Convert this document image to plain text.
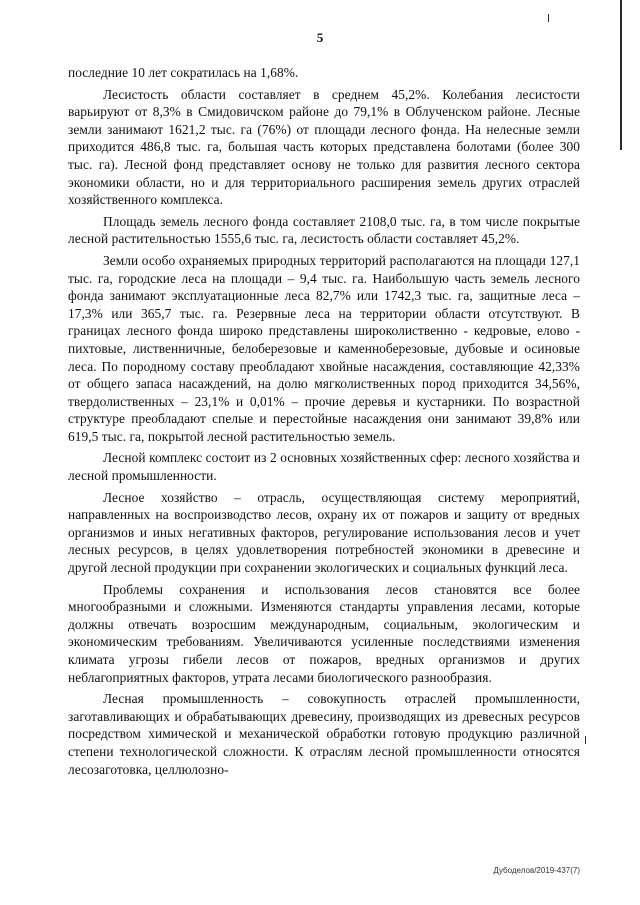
5

последние 10 лет сократилась на 1,68%.

Лесистость области составляет в среднем 45,2%. Колебания лесистости варьируют от 8,3% в Смидовичском районе до 79,1% в Облученском районе. Лесные земли занимают 1621,2 тыс. га (76%) от площади лесного фонда. На нелесные земли приходится 486,8 тыс. га, большая часть которых представлена болотами (более 300 тыс. га). Лесной фонд представляет основу не только для развития лесного сектора экономики области, но и для территориального расширения земель других отраслей хозяйственного комплекса.

Площадь земель лесного фонда составляет 2108,0 тыс. га, в том числе покрытые лесной растительностью 1555,6 тыс. га, лесистость области составляет 45,2%.

Земли особо охраняемых природных территорий располагаются на площади 127,1 тыс. га, городские леса на площади – 9,4 тыс. га. Наибольшую часть земель лесного фонда занимают эксплуатационные леса 82,7% или 1742,3 тыс. га, защитные леса – 17,3% или 365,7 тыс. га. Резервные леса на территории области отсутствуют. В границах лесного фонда широко представлены широколиственно - кедровые, елово - пихтовые, лиственничные, белоберезовые и каменноберезовые, дубовые и осиновые леса. По породному составу преобладают хвойные насаждения, составляющие 42,33% от общего запаса насаждений, на долю мягколиственных пород приходится 34,56%, твердолиственных – 23,1% и 0,01% – прочие деревья и кустарники. По возрастной структуре преобладают спелые и перестойные насаждения они занимают 39,8% или 619,5 тыс. га, покрытой лесной растительностью земель.

Лесной комплекс состоит из 2 основных хозяйственных сфер: лесного хозяйства и лесной промышленности.

Лесное хозяйство – отрасль, осуществляющая систему мероприятий, направленных на воспроизводство лесов, охрану их от пожаров и защиту от вредных организмов и иных негативных факторов, регулирование использования лесов и учет лесных ресурсов, в целях удовлетворения потребностей экономики в древесине и другой лесной продукции при сохранении экологических и социальных функций леса.

Проблемы сохранения и использования лесов становятся все более многообразными и сложными. Изменяются стандарты управления лесами, которые должны отвечать возросшим международным, социальным, экологическим и экономическим требованиям. Увеличиваются усиленные последствиями изменения климата угрозы гибели лесов от пожаров, вредных организмов и других неблагоприятных факторов, утрата лесами биологического разнообразия.

Лесная промышленность – совокупность отраслей промышленности, заготавливающих и обрабатывающих древесину, производящих из древесных ресурсов посредством химической и механической обработки готовую продукцию различной степени технологической сложности. К отраслям лесной промышленности относятся лесозаготовка, целлюлозно-

Дубоделов/2019-437(7)
